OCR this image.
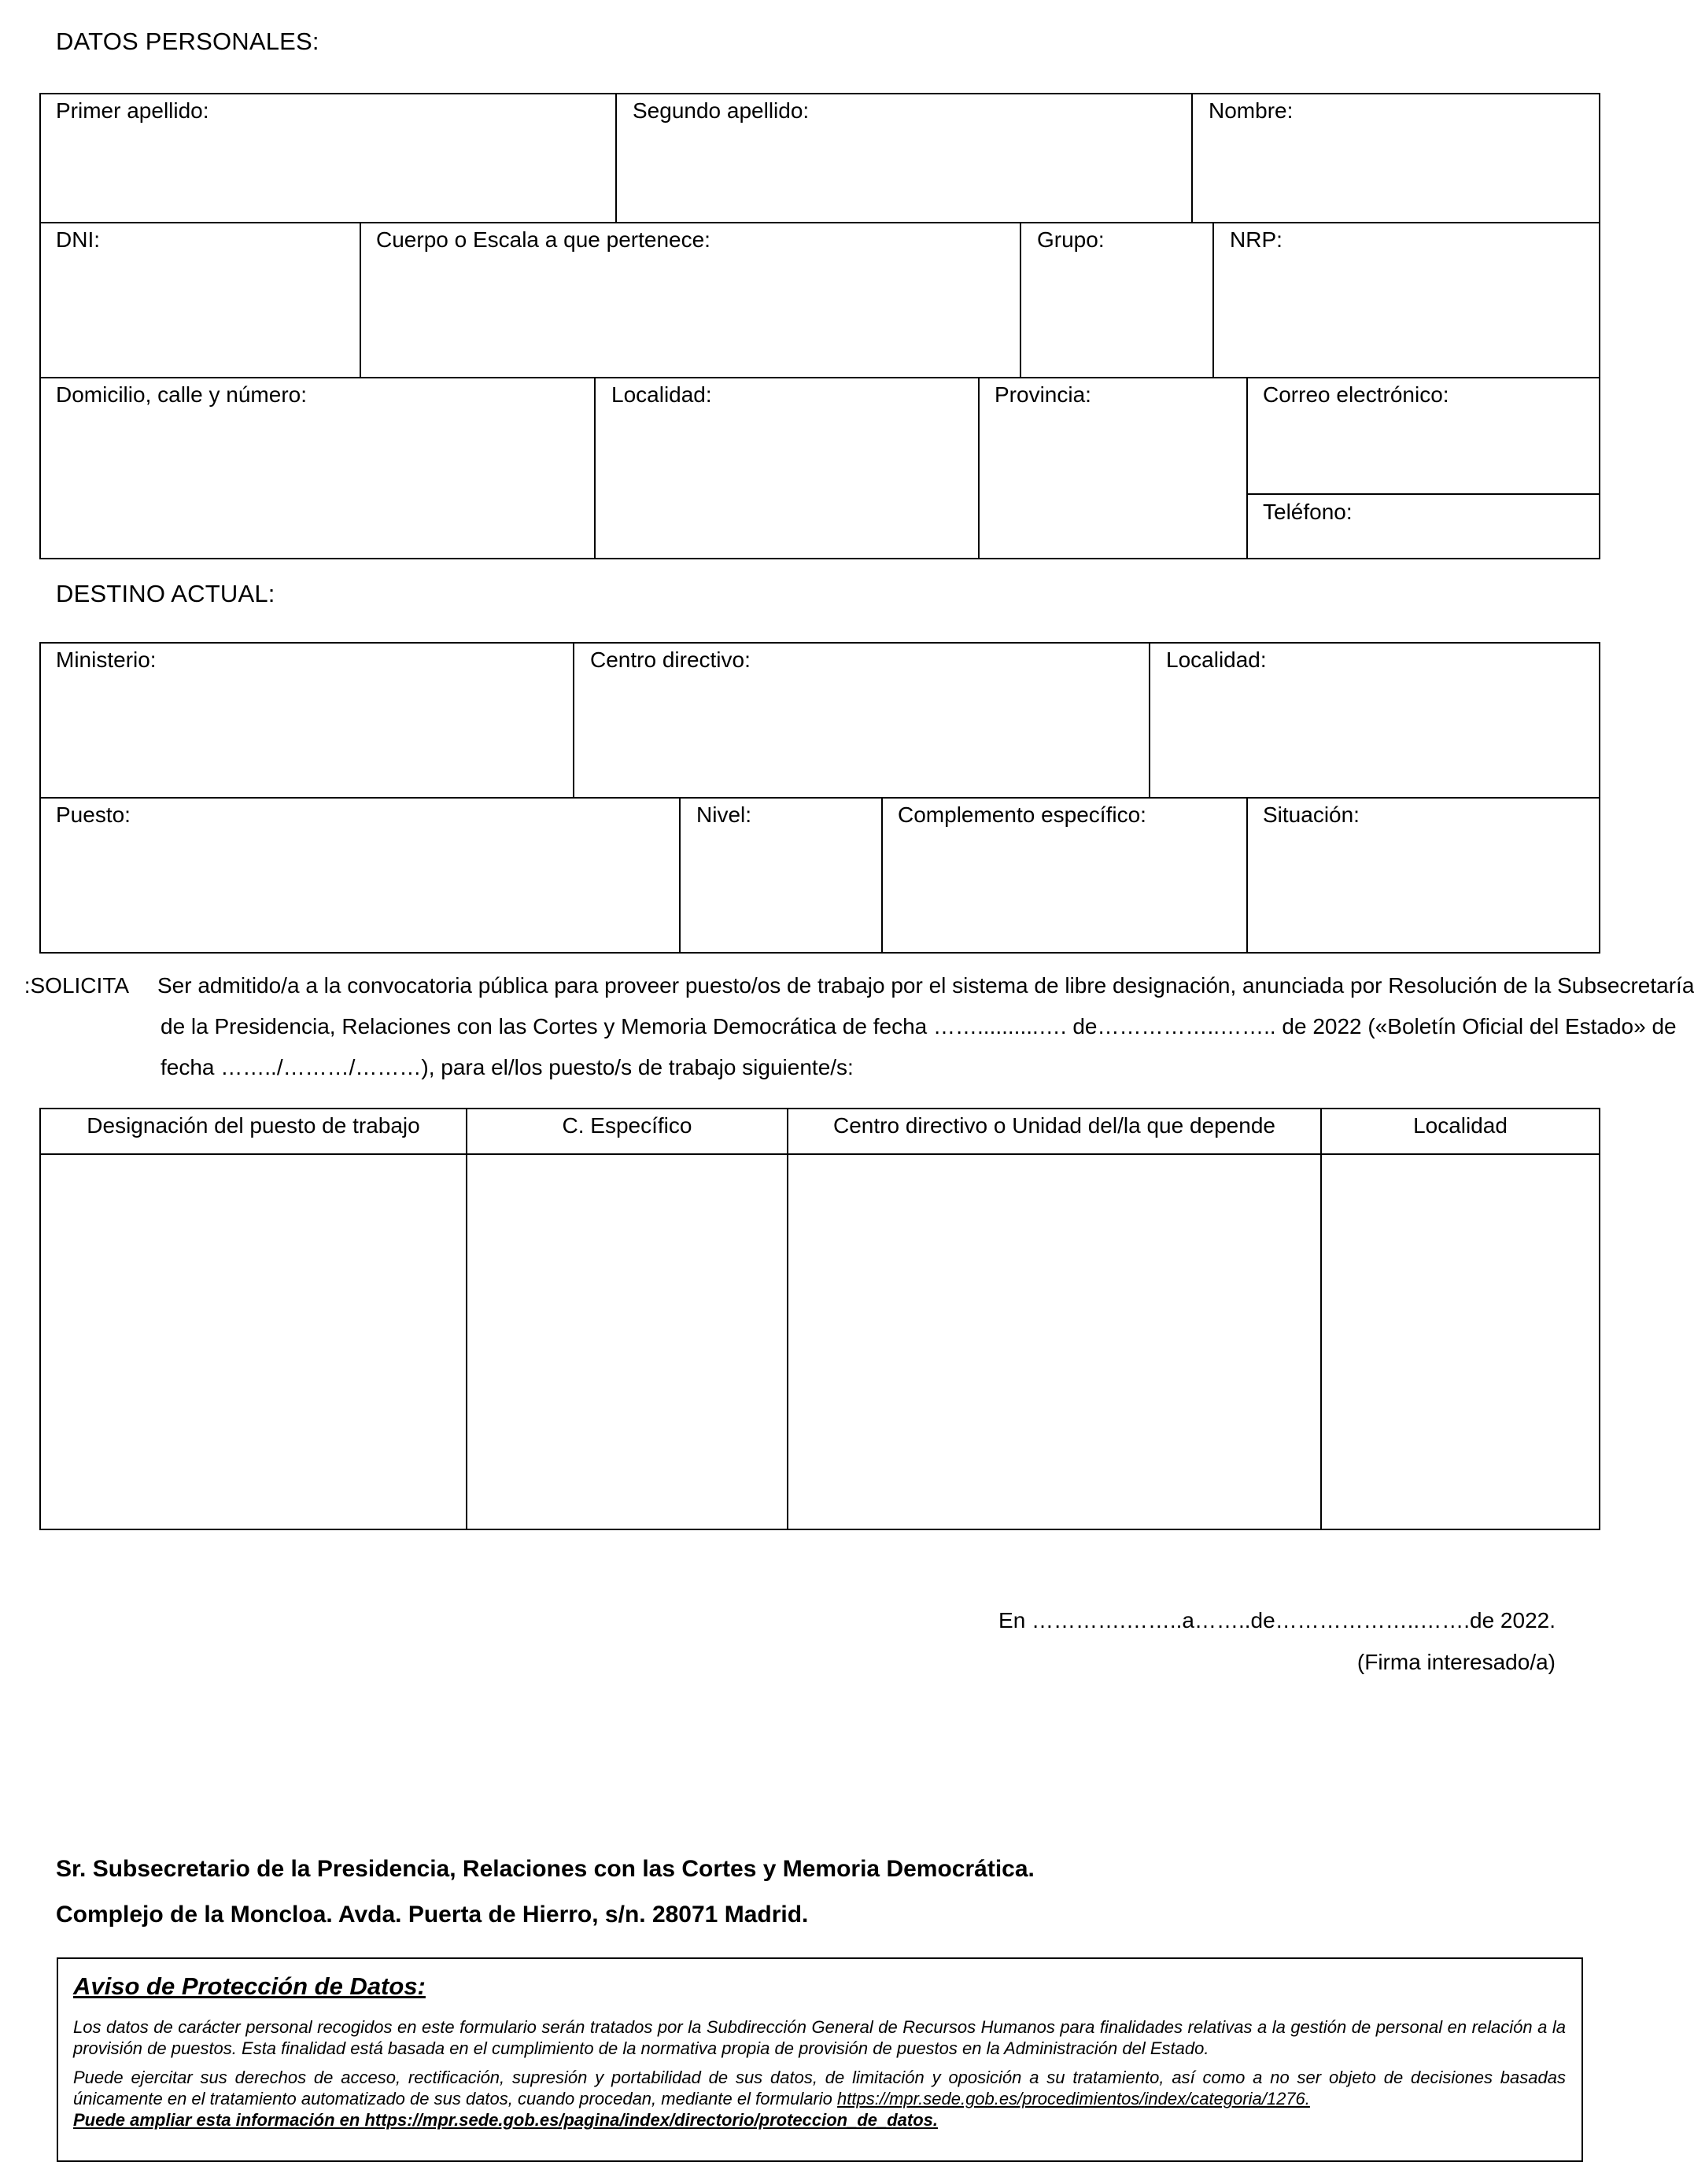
DATOS PERSONALES:
Primer apellido:	Segundo apellido:	Nombre:
DNI:	Cuerpo o Escala a que pertenece:	Grupo:	NRP:
Domicilio, calle y número:	Localidad:	Provincia:	Correo electrónico:
Teléfono:
DESTINO ACTUAL:
Ministerio:	Centro directivo:	Localidad:
Puesto:	Nivel:	Complemento específico:	Situación:
SOLICITA: Ser admitido/a a la convocatoria pública para proveer puesto/os de trabajo por el sistema de libre designación, anunciada por Resolución de la Subsecretaría
de la Presidencia, Relaciones con las Cortes y Memoria Democrática de fecha ……..........…. de……………..…….. de 2022 («Boletín Oficial del Estado» de
fecha ……../………/………), para el/los puesto/s de trabajo siguiente/s:
Designación del puesto de trabajo	C. Específico	Centro directivo o Unidad del/la que depende	Localidad
En ………….……..a……..de………………..…….de 2022.
(Firma interesado/a)
Sr. Subsecretario de la Presidencia, Relaciones con las Cortes y Memoria Democrática.
Complejo de la Moncloa. Avda. Puerta de Hierro, s/n. 28071 Madrid.
Aviso de Protección de Datos:
Los datos de carácter personal recogidos en este formulario serán tratados por la Subdirección General de Recursos Humanos para finalidades relativas a la gestión de personal en relación a la provisión de puestos. Esta finalidad está basada en el cumplimiento de la normativa propia de provisión de puestos en la Administración del Estado.
Puede ejercitar sus derechos de acceso, rectificación, supresión y portabilidad de sus datos, de limitación y oposición a su tratamiento, así como a no ser objeto de decisiones basadas únicamente en el tratamiento automatizado de sus datos, cuando procedan, mediante el formulario https://mpr.sede.gob.es/procedimientos/index/categoria/1276.
Puede ampliar esta información en https://mpr.sede.gob.es/pagina/index/directorio/proteccion_de_datos.
